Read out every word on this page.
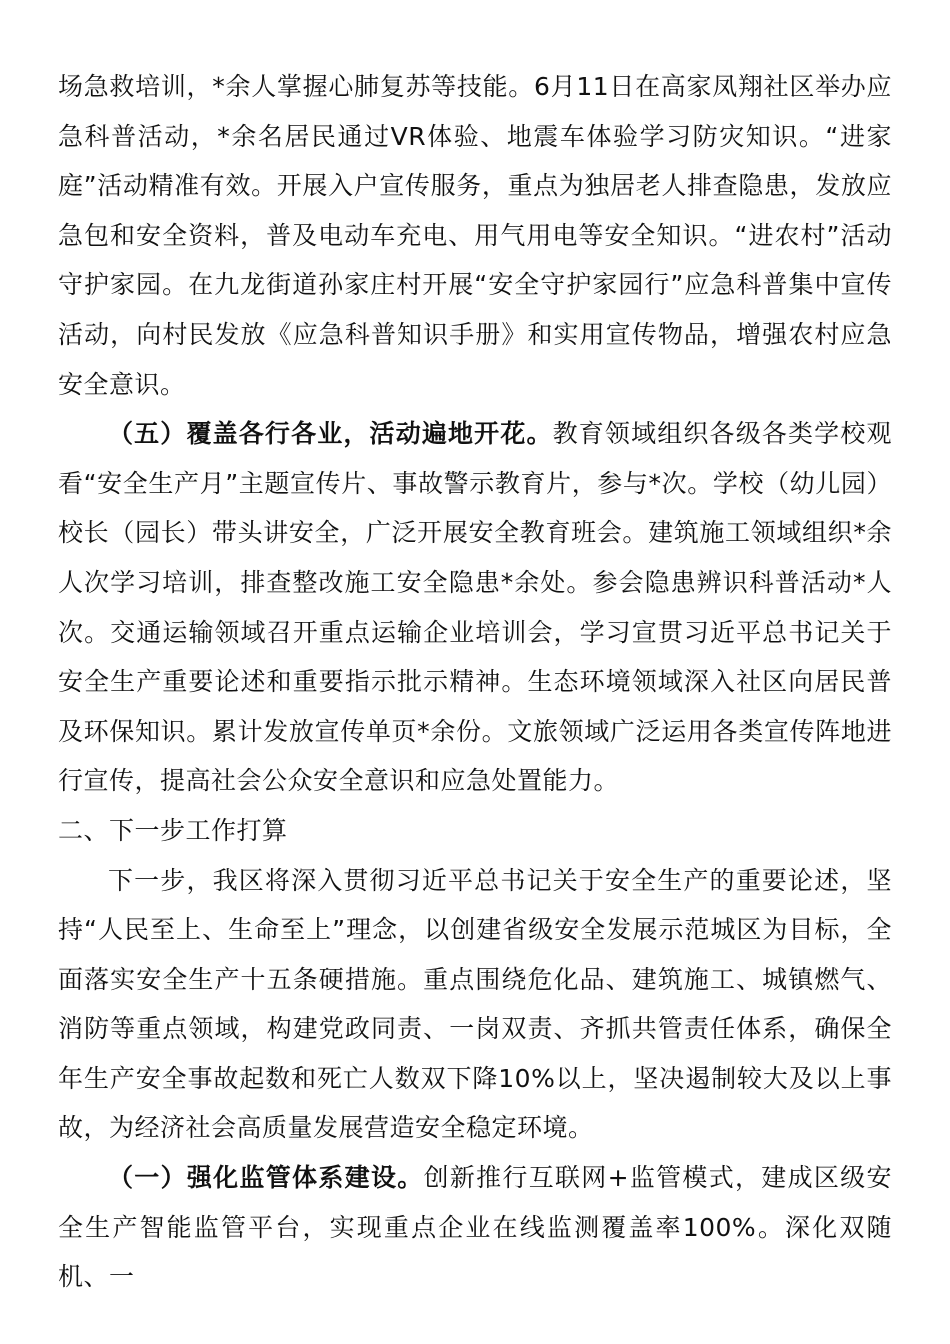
场急救培训，*余人掌握心肺复苏等技能。6月11日在高家凤翔社区举办应急科普活动，*余名居民通过VR体验、地震车体验学习防灾知识。“进家庭”活动精准有效。开展入户宣传服务，重点为独居老人排查隐患，发放应急包和安全资料，普及电动车充电、用气用电等安全知识。“进农村”活动守护家园。在九龙街道孙家庄村开展“安全守护家园行”应急科普集中宣传活动，向村民发放《应急科普知识手册》和实用宣传物品，增强农村应急安全意识。

（五）覆盖各行各业，活动遍地开花。教育领域组织各级各类学校观看“安全生产月”主题宣传片、事故警示教育片，参与*次。学校（幼儿园）校长（园长）带头讲安全，广泛开展安全教育班会。建筑施工领域组织*余人次学习培训，排查整改施工安全隐患*余处。参会隐患辨识科普活动*人次。交通运输领域召开重点运输企业培训会，学习宣贯习近平总书记关于安全生产重要论述和重要指示批示精神。生态环境领域深入社区向居民普及环保知识。累计发放宣传单页*余份。文旅领域广泛运用各类宣传阵地进行宣传，提高社会公众安全意识和应急处置能力。

二、下一步工作打算

下一步，我区将深入贯彻习近平总书记关于安全生产的重要论述，坚持“人民至上、生命至上”理念，以创建省级安全发展示范城区为目标，全面落实安全生产十五条硬措施。重点围绕危化品、建筑施工、城镇燃气、消防等重点领域，构建党政同责、一岗双责、齐抓共管责任体系，确保全年生产安全事故起数和死亡人数双下降10%以上，坚决遏制较大及以上事故，为经济社会高质量发展营造安全稳定环境。

（一）强化监管体系建设。创新推行互联网+监管模式，建成区级安全生产智能监管平台，实现重点企业在线监测覆盖率100%。深化双随机、一
